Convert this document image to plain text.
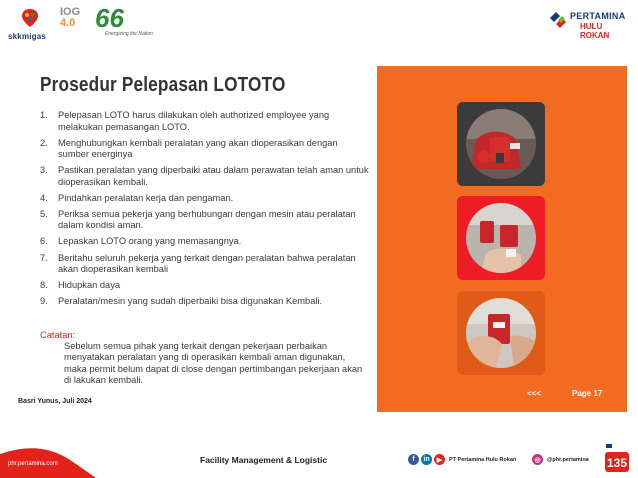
skkmigas
IOG
4.0 66
Energizing the Nation
PERTAMINA
HULU ROKAN
Prosedur Pelepasan LOTOTO
1.	Pelepasan LOTO harus dilakukan oleh authorized employee yang melakukan pemasangan LOTO.
2.	Menghubungkan kembali peralatan yang akan dioperasikan dengan sumber energinya
3.	Pastikan peralatan yang diperbaiki atau dalam perawatan telah aman untuk dioperasikan kembali.
4.	Pindahkan peralatan kerja dan pengaman.
5.	Periksa semua pekerja yang berhubungan dengan mesin atau peralatan dalam kondisi aman.
6.	Lepaskan LOTO orang yang memasangnya.
7.	Beritahu seluruh pekerja yang terkait dengan peralatan bahwa peralatan akan dioperasikan kembali
8.	Hidupkan daya
9.	Peralatan/mesin yang sudah diperbaiki bisa digunakan Kembali.
Catatan:
Sebelum semua pihak yang terkait dengan pekerjaan perbaikan menyatakan peralatan yang di operasikan kembali aman digunakan, maka permit belum dapat di close dengan pertimbangan pekerjaan akan di lakukan kembali.
Basri Yunus, Juli 2024
<<<	Page 17
phr.pertamina.com	Facility Management & Logistic	f	in	▶	PT Pertamina Hulu Rokan	◎	@phr.pertamina 135
